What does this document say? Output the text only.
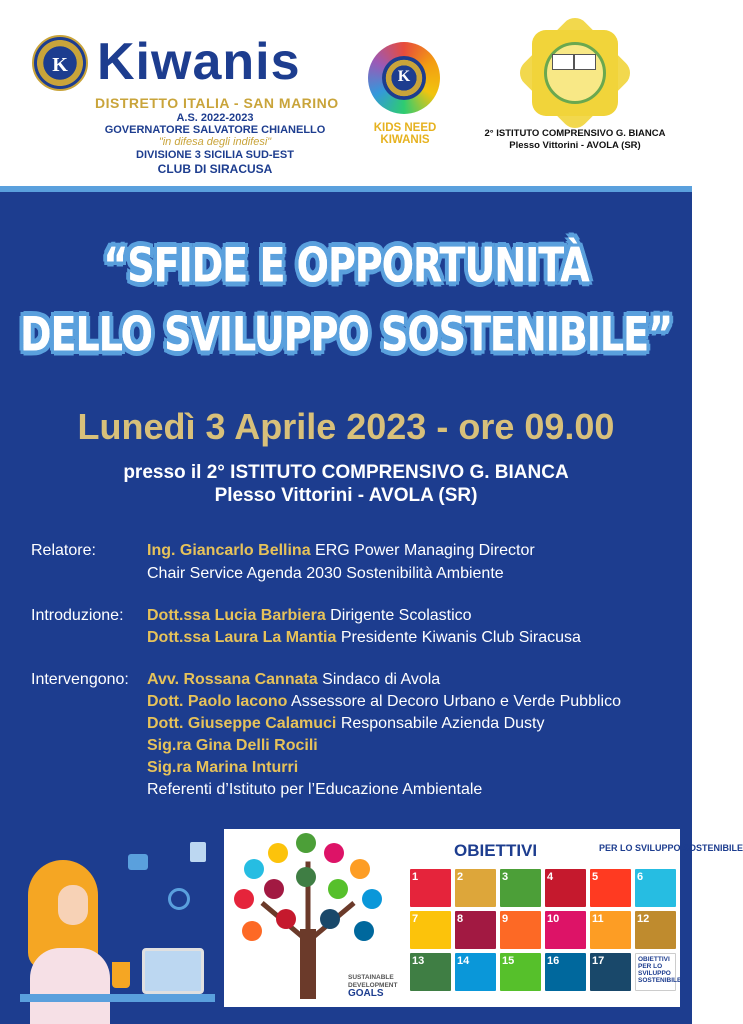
K Kiwanis
DISTRETTO ITALIA - SAN MARINO
A.S. 2022-2023
GOVERNATORE SALVATORE CHIANELLO
"in difesa degli indifesi"
DIVISIONE 3 SICILIA SUD-EST
CLUB DI SIRACUSA
K
KIDS NEED KIWANIS
2° ISTITUTO COMPRENSIVO G. BIANCA
Plesso Vittorini - AVOLA (SR)
“SFIDE E OPPORTUNITÀ
DELLO SVILUPPO SOSTENIBILE”
Lunedì 3 Aprile 2023 - ore 09.00
presso il 2° ISTITUTO COMPRENSIVO G. BIANCA
Plesso Vittorini - AVOLA (SR)
Relatore:	Ing. Giancarlo Bellina ERG Power Managing Director
Chair Service Agenda 2030 Sostenibilità Ambiente
Introduzione: Dott.ssa Lucia Barbiera Dirigente Scolastico
Dott.ssa Laura La Mantia Presidente Kiwanis Club Siracusa
Intervengono: Avv. Rossana Cannata Sindaco di Avola
Dott. Paolo Iacono Assessore al Decoro Urbano e Verde Pubblico
Dott. Giuseppe Calamuci Responsabile Azienda Dusty
Sig.ra Gina Delli Rocili
Sig.ra Marina Inturri
Referenti d’Istituto per l’Educazione Ambientale
SUSTAINABLE
DEVELOPMENT
GOALS
OBIETTIVI	PER LO SVILUPPO SOSTENIBILE
1	2	3	4	5	6
7	8	9	10	11	12
13	14	15	16	17	OBIETTIVI PER LO SVILUPPO SOSTENIBILE
